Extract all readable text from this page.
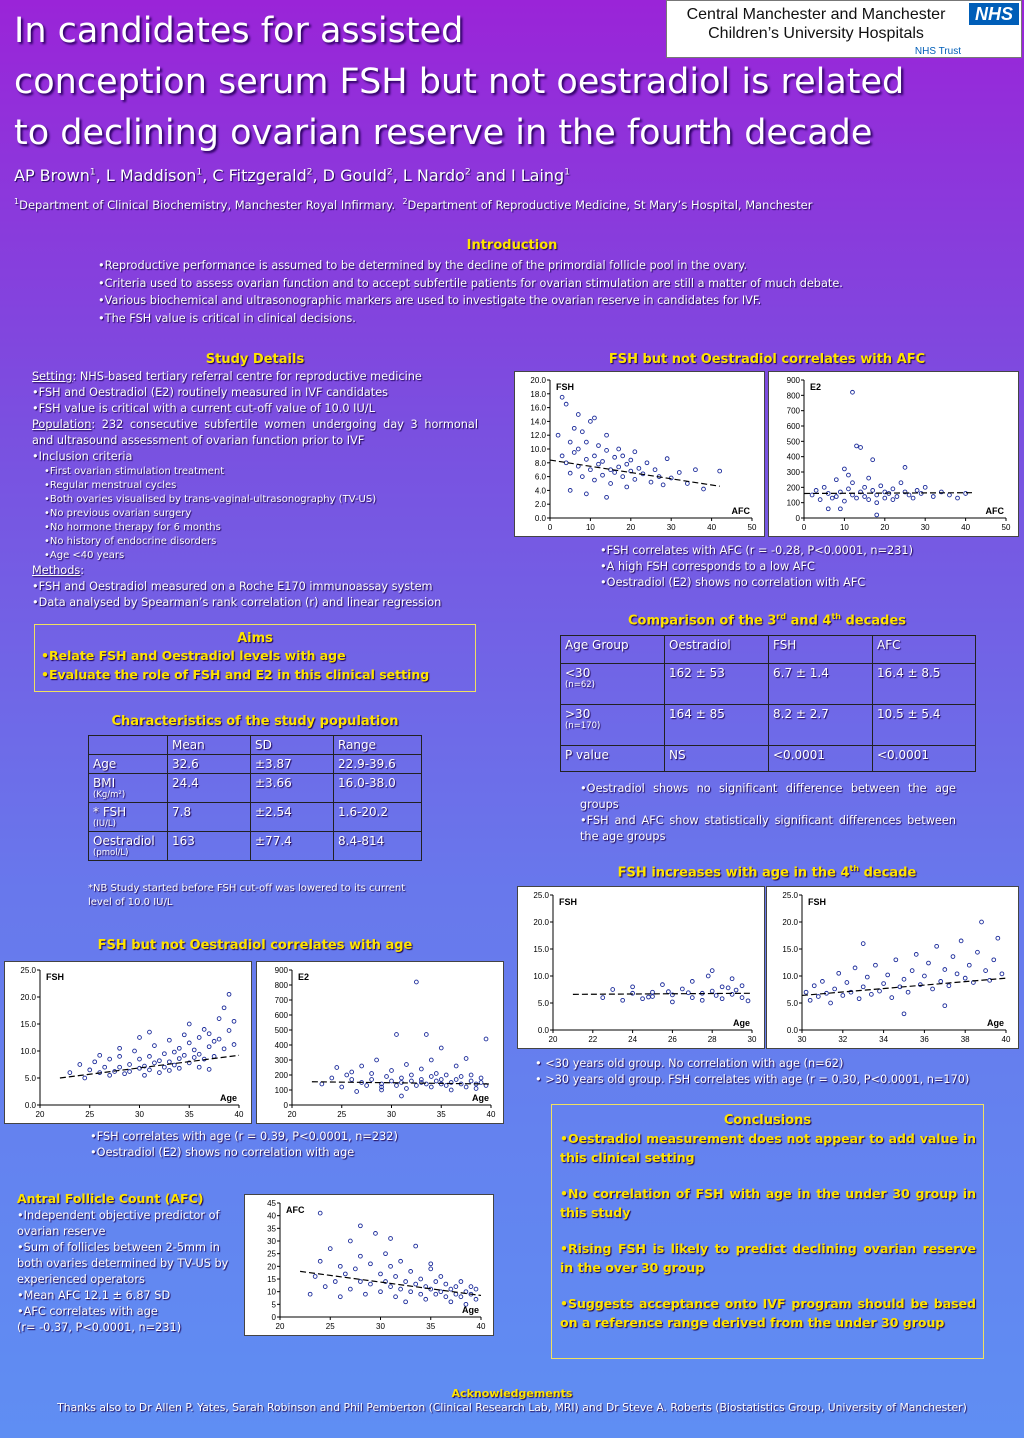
In candidates for assisted
conception serum FSH but not oestradiol is related
to declining ovarian reserve in the fourth decade
Central Manchester and Manchester
Children’s University Hospitals
NHS
NHS Trust
AP Brown$^1$, L Maddison$^1$, C Fitzgerald$^2$, D Gould$^2$, L Nardo$^2$ and I Laing$^1$
$^1$Department of Clinical Biochemistry, Manchester Royal Infirmary. $^2$Department of Reproductive Medicine, St Mary’s Hospital, Manchester
Introduction
• Reproductive performance is assumed to be determined by the decline of the primordial follicle pool in the ovary.
• Criteria used to assess ovarian function and to accept subfertile patients for ovarian stimulation are still a matter of much debate.
• Various biochemical and ultrasonographic markers are used to investigate the ovarian reserve in candidates for IVF.
• The FSH value is critical in clinical decisions.
Study Details
Setting: NHS-based tertiary referral centre for reproductive medicine
•FSH and Oestradiol (E2) routinely measured in IVF candidates
•FSH value is critical with a current cut-off value of 10.0 IU/L
Population: 232 consecutive subfertile women undergoing day 3 hormonal and ultrasound assessment of ovarian function prior to IVF
•Inclusion criteria
•First ovarian stimulation treatment
•Regular menstrual cycles
•Both ovaries visualised by trans-vaginal-ultrasonography (TV-US)
•No previous ovarian surgery
•No hormone therapy for 6 months
•No history of endocrine disorders
•Age <40 years
Methods:
•FSH and Oestradiol measured on a Roche E170 immunoassay system
•Data analysed by Spearman’s rank correlation (r) and linear regression
Aims
•Relate FSH and Oestradiol levels with age
•Evaluate the role of FSH and E2 in this clinical setting
Characteristics of the study population
	Mean	SD	Range
Age	32.6	±3.87	22.9-39.6
BMI
(Kg/m²)	24.4	±3.66	16.0-38.0
* FSH
(IU/L)	7.8	±2.54	1.6-20.2
Oestradiol
(pmol/L)	163	±77.4	8.4-814
*NB Study started before FSH cut-off was lowered to its current level of 10.0 IU/L
FSH but not Oestradiol correlates with age
0.0
5.0
10.0
15.0
20.0
25.0
20	25	30	35	40
FSH
Age
0
100
200
300
400
500
600
700
800
900
20	25	30	35	40
E2
Age
•FSH correlates with age (r = 0.39, P<0.0001, n=232)
•Oestradiol (E2) shows no correlation with age
Antral Follicle Count (AFC)
•Independent objective predictor of ovarian reserve
•Sum of follicles between 2-5mm in both ovaries determined by TV-US by experienced operators
•Mean AFC 12.1 ± 6.87 SD
•AFC correlates with age
(r= -0.37, P<0.0001, n=231)
0
5
10
15
20
25
30
35
40
45
20	25	30	35	40
AFC
Age
FSH but not Oestradiol correlates with AFC
0.0
2.0
4.0
6.0
8.0
10.0
12.0
14.0
16.0
18.0
20.0
0	10	20	30	40	50
FSH
AFC
0
100
200
300
400
500
600
700
800
900
0	10	20	30	40	50
E2
AFC
•FSH correlates with AFC (r = -0.28, P<0.0001, n=231)
•A high FSH corresponds to a low AFC
•Oestradiol (E2) shows no correlation with AFC
Comparison of the 3rd and 4th decades
Age Group	Oestradiol	FSH	AFC
<30
(n=62)	162 ± 53	6.7 ± 1.4	16.4 ± 8.5
>30
(n=170)	164 ± 85	8.2 ± 2.7	10.5 ± 5.4
P value	NS	<0.0001	<0.0001
•Oestradiol shows no significant difference between the age groups
•FSH and AFC show statistically significant differences between the age groups
FSH increases with age in the 4th decade
0.0
5.0
10.0
15.0
20.0
25.0
20	22	24	26	28	30
FSH
Age
0.0
5.0
10.0
15.0
20.0
25.0
30	32	34	36	38	40
FSH
Age
• <30 years old group. No correlation with age (n=62)
• >30 years old group. FSH correlates with age (r = 0.30, P<0.0001, n=170)
Conclusions
•Oestradiol measurement does not appear to add value in this clinical setting
•No correlation of FSH with age in the under 30 group in this study
•Rising FSH is likely to predict declining ovarian reserve in the over 30 group
•Suggests acceptance onto IVF program should be based on a reference range derived from the under 30 group
Acknowledgements
Thanks also to Dr Allen P. Yates, Sarah Robinson and Phil Pemberton (Clinical Research Lab, MRI) and Dr Steve A. Roberts (Biostatistics Group, University of Manchester)
